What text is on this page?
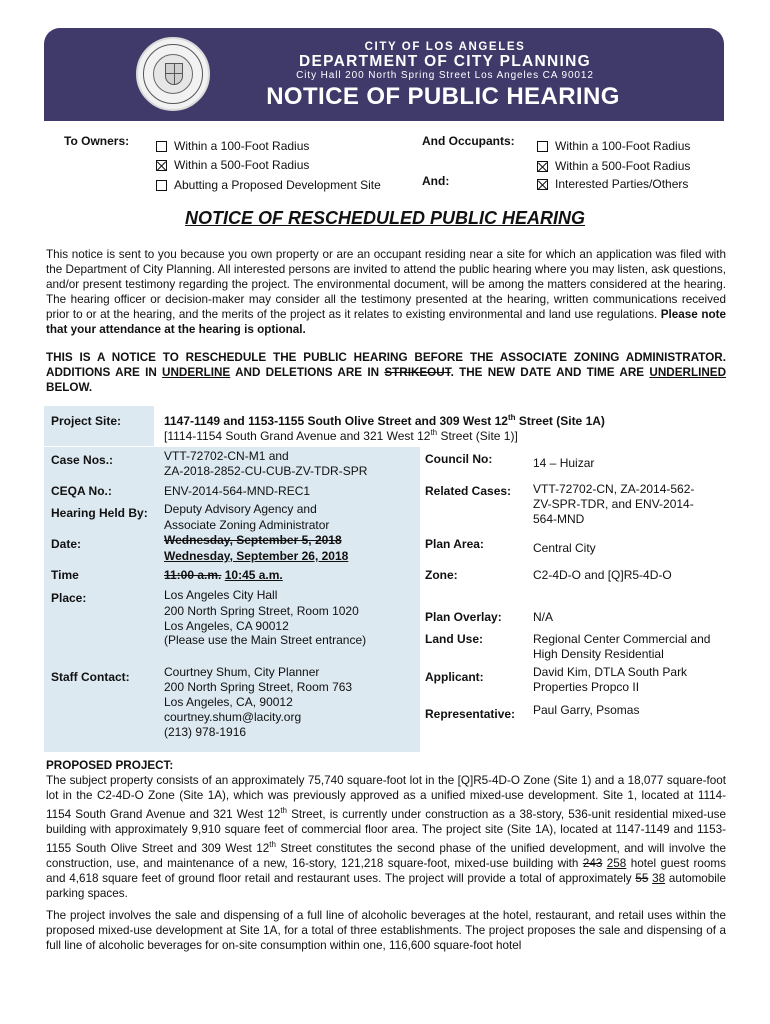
CITY OF LOS ANGELES
DEPARTMENT OF CITY PLANNING
City Hall 200 North Spring Street Los Angeles CA 90012
NOTICE OF PUBLIC HEARING
To Owners:	Within a 100-Foot Radius
Within a 500-Foot Radius
Abutting a Proposed Development Site
And Occupants:	Within a 100-Foot Radius
Within a 500-Foot Radius
And:	Interested Parties/Others
NOTICE OF RESCHEDULED PUBLIC HEARING
This notice is sent to you because you own property or are an occupant residing near a site for which an application was filed with the Department of City Planning. All interested persons are invited to attend the public hearing where you may listen, ask questions, and/or present testimony regarding the project. The environmental document, will be among the matters considered at the hearing. The hearing officer or decision-maker may consider all the testimony presented at the hearing, written communications received prior to or at the hearing, and the merits of the project as it relates to existing environmental and land use regulations. Please note that your attendance at the hearing is optional.
THIS IS A NOTICE TO RESCHEDULE THE PUBLIC HEARING BEFORE THE ASSOCIATE ZONING ADMINISTRATOR. ADDITIONS ARE IN UNDERLINE AND DELETIONS ARE IN STRIKEOUT. THE NEW DATE AND TIME ARE UNDERLINED BELOW.
Project Site:	1147-1149 and 1153-1155 South Olive Street and 309 West 12th Street (Site 1A)
[1114-1154 South Grand Avenue and 321 West 12th Street (Site 1)]
Case Nos.:	VTT-72702-CN-M1 and
ZA-2018-2852-CU-CUB-ZV-TDR-SPR
CEQA No.:	ENV-2014-564-MND-REC1
Hearing Held By: Deputy Advisory Agency and
Associate Zoning Administrator
Date:	Wednesday, September 5, 2018
Wednesday, September 26, 2018
Time	11:00 a.m. 10:45 a.m.
Place:	Los Angeles City Hall
200 North Spring Street, Room 1020
Los Angeles, CA 90012
(Please use the Main Street entrance)
Staff Contact:	Courtney Shum, City Planner
200 North Spring Street, Room 763
Los Angeles, CA, 90012
courtney.shum@lacity.org
(213) 978-1916
Council No:	14 – Huizar
Related Cases: VTT-72702-CN, ZA-2014-562-
ZV-SPR-TDR, and ENV-2014-
564-MND
Plan Area:	Central City
Zone:	C2-4D-O and [Q]R5-4D-O
Plan Overlay:	N/A
Land Use:	Regional Center Commercial and
High Density Residential
Applicant:	David Kim, DTLA South Park
Properties Propco II
Representative: Paul Garry, Psomas
PROPOSED PROJECT:
The subject property consists of an approximately 75,740 square-foot lot in the [Q]R5-4D-O Zone (Site 1) and a 18,077 square-foot lot in the C2-4D-O Zone (Site 1A), which was previously approved as a unified mixed-use development. Site 1, located at 1114-1154 South Grand Avenue and 321 West 12th Street, is currently under construction as a 38-story, 536-unit residential mixed-use building with approximately 9,910 square feet of commercial floor area. The project site (Site 1A), located at 1147-1149 and 1153-1155 South Olive Street and 309 West 12th Street constitutes the second phase of the unified development, and will involve the construction, use, and maintenance of a new, 16-story, 121,218 square-foot, mixed-use building with 243 258 hotel guest rooms and 4,618 square feet of ground floor retail and restaurant uses. The project will provide a total of approximately 55 38 automobile parking spaces.
The project involves the sale and dispensing of a full line of alcoholic beverages at the hotel, restaurant, and retail uses within the proposed mixed-use development at Site 1A, for a total of three establishments. The project proposes the sale and dispensing of a full line of alcoholic beverages for on-site consumption within one, 116,600 square-foot hotel
